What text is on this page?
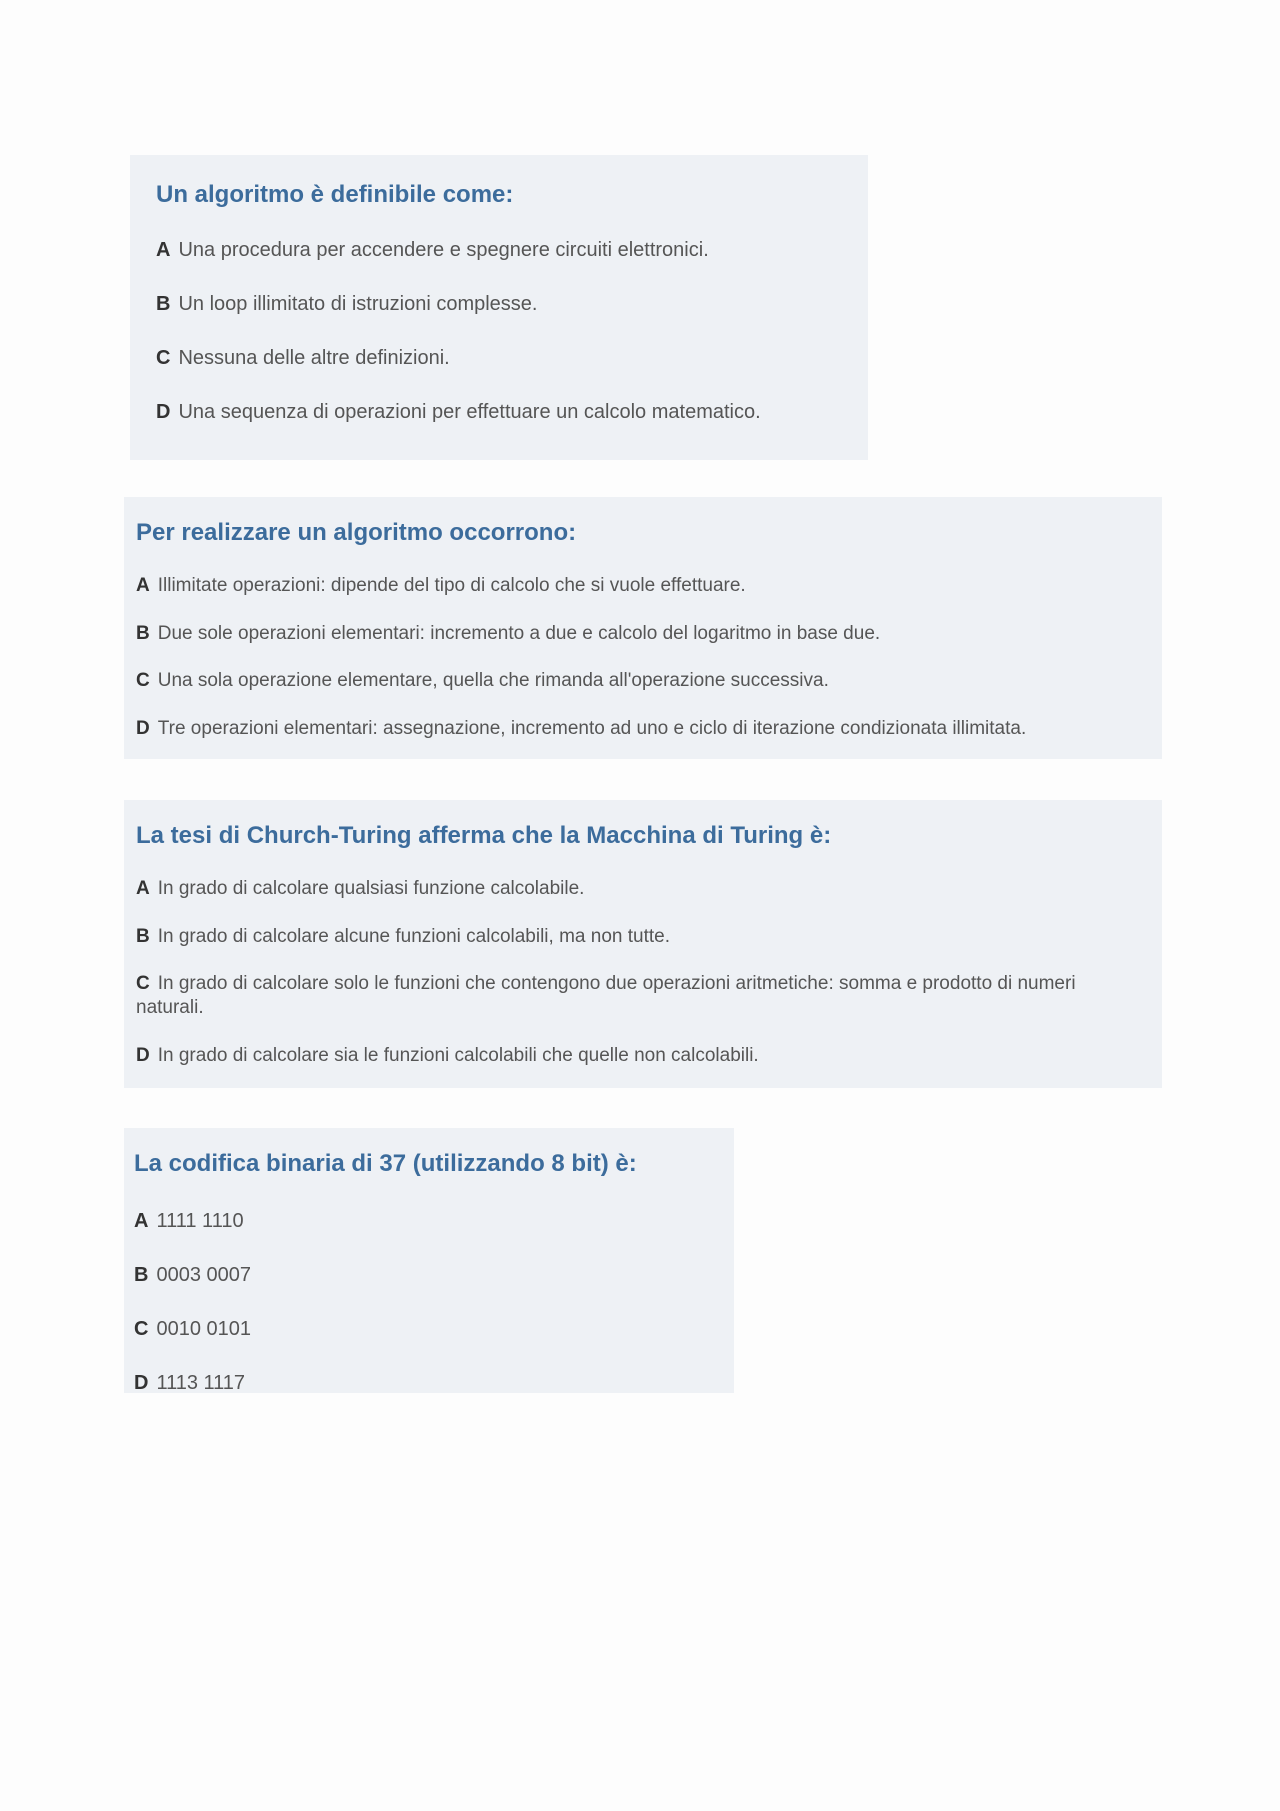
Un algoritmo è definibile come:
A Una procedura per accendere e spegnere circuiti elettronici.
B Un loop illimitato di istruzioni complesse.
C Nessuna delle altre definizioni.
D Una sequenza di operazioni per effettuare un calcolo matematico.
Per realizzare un algoritmo occorrono:
A Illimitate operazioni: dipende del tipo di calcolo che si vuole effettuare.
B Due sole operazioni elementari: incremento a due e calcolo del logaritmo in base due.
C Una sola operazione elementare, quella che rimanda all'operazione successiva.
D Tre operazioni elementari: assegnazione, incremento ad uno e ciclo di iterazione condizionata illimitata.
La tesi di Church-Turing afferma che la Macchina di Turing è:
A In grado di calcolare qualsiasi funzione calcolabile.
B In grado di calcolare alcune funzioni calcolabili, ma non tutte.
C In grado di calcolare solo le funzioni che contengono due operazioni aritmetiche: somma e prodotto di numeri naturali.
D In grado di calcolare sia le funzioni calcolabili che quelle non calcolabili.
La codifica binaria di 37 (utilizzando 8 bit) è:
A 1111 1110
B 0003 0007
C 0010 0101
D 1113 1117
